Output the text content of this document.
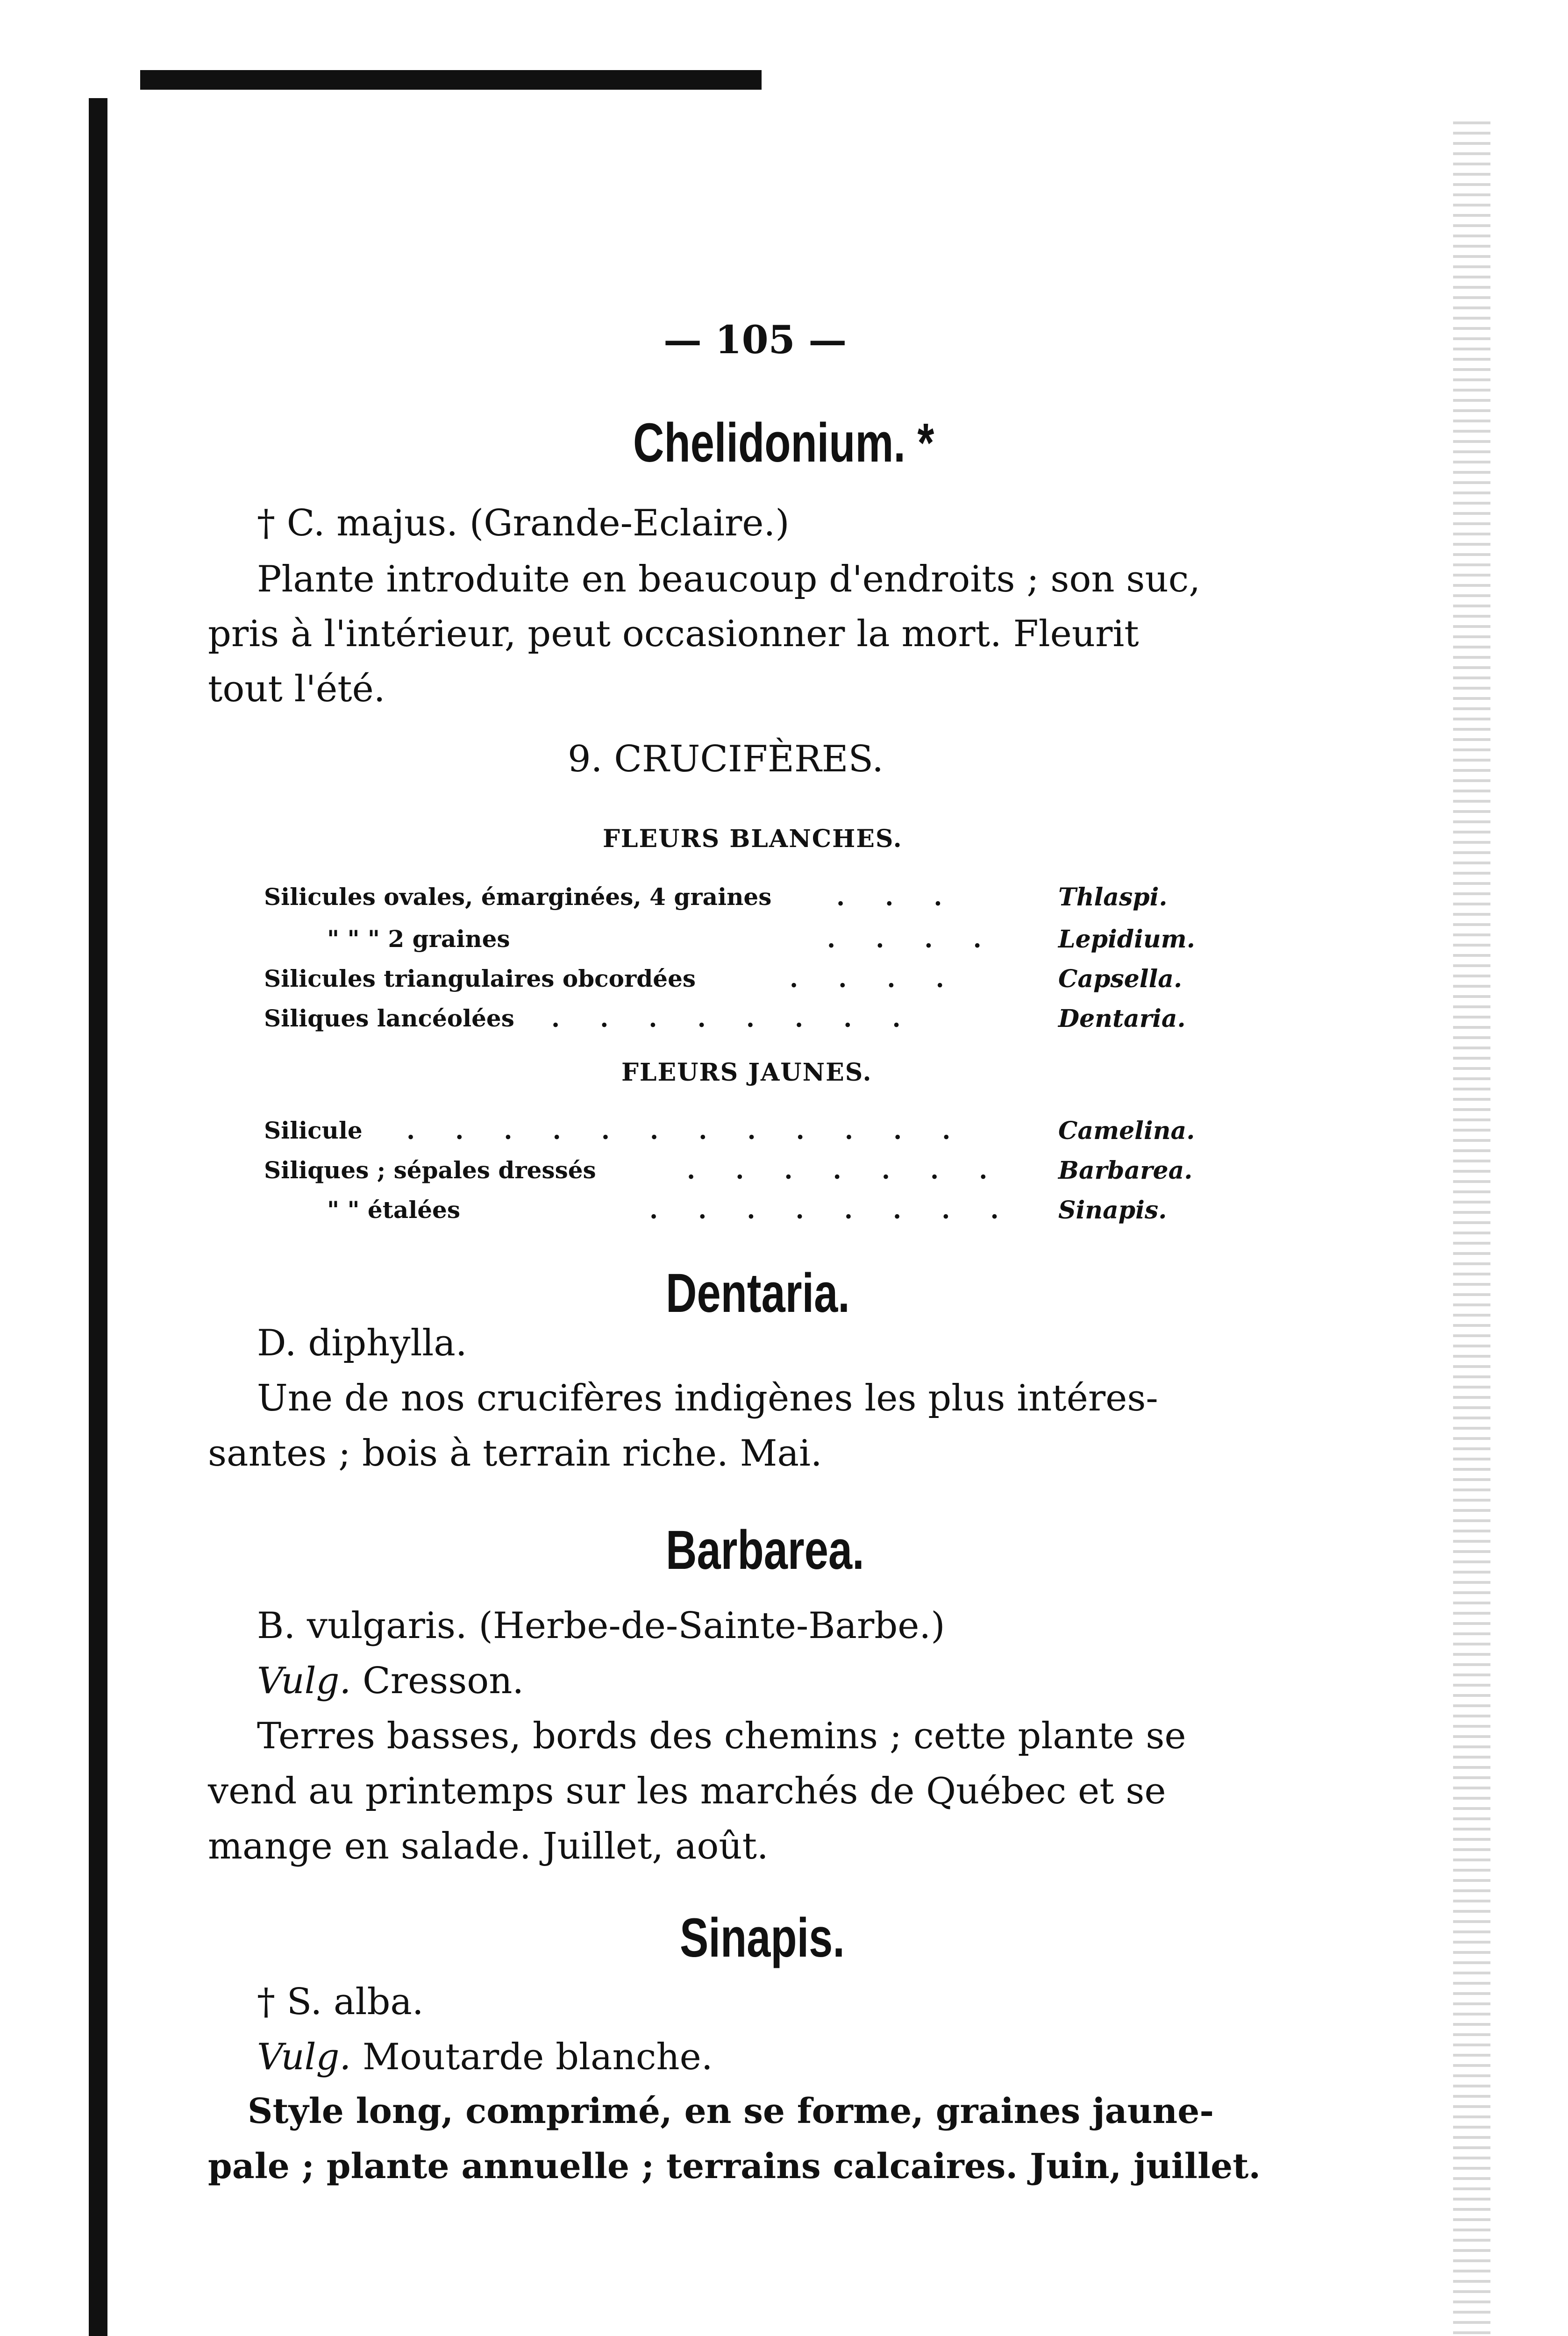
— 105 —
Chelidonium. *
† C. majus. (Grande-Eclaire.)
Plante introduite en beaucoup d'endroits ; son suc,
pris à l'intérieur, peut occasionner la mort. Fleurit
tout l'été.
9. CRUCIFÈRES.
FLEURS BLANCHES.
Silicules ovales, émarginées, 4 graines	. . .	Thlaspi.
" " " 2 graines	. . . .	Lepidium.
Silicules triangulaires obcordées	. . . .	Capsella.
Siliques lancéolées . . . . . . . .	Dentaria.
FLEURS JAUNES.
Silicule . . . . . . . . . . . .	Camelina.
Siliques ; sépales dressés	. . . . . . . Barbarea.
" " étalées	. . . . . . . . Sinapis.
Dentaria.
D. diphylla.
Une de nos crucifères indigènes les plus intéres-
santes ; bois à terrain riche. Mai.
Barbarea.
B. vulgaris. (Herbe-de-Sainte-Barbe.)
Vulg. Cresson.
Terres basses, bords des chemins ; cette plante se
vend au printemps sur les marchés de Québec et se
mange en salade. Juillet, août.
Sinapis.
† S. alba.
Vulg. Moutarde blanche.
Style long, comprimé, en se forme, graines jaune-
pale ; plante annuelle ; terrains calcaires. Juin, juillet.
